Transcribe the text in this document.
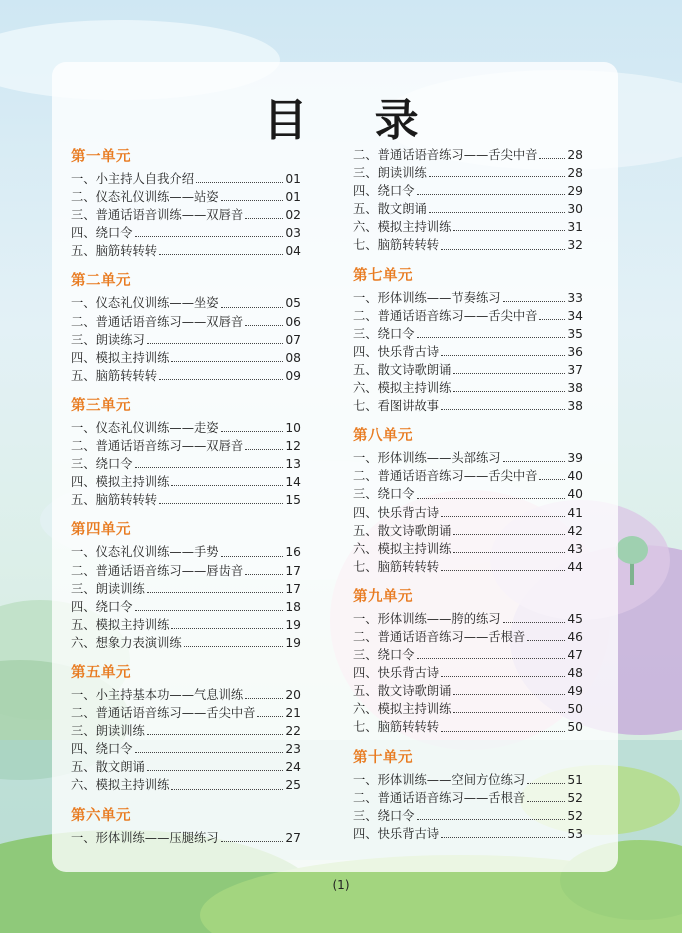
目 录
第一单元
一、 小主持人自我介绍	01
二、 仪态礼仪训练——站姿	01
三、 普通话语音训练——双唇音	02
四、 绕口令	03
五、 脑筋转转转	04
第二单元
一、 仪态礼仪训练——坐姿	05
二、 普通话语音练习——双唇音	06
三、 朗读练习	07
四、 模拟主持训练	08
五、 脑筋转转转	09
第三单元
一、 仪态礼仪训练——走姿	10
二、 普通话语音练习——双唇音	12
三、 绕口令	13
四、 模拟主持训练	14
五、 脑筋转转转	15
第四单元
一、 仪态礼仪训练——手势	16
二、 普通话语音练习——唇齿音	17
三、 朗读训练	17
四、 绕口令	18
五、 模拟主持训练	19
六、 想象力表演训练	19
第五单元
一、 小主持基本功——气息训练	20
二、 普通话语音练习——舌尖中音 21
三、 朗读训练	22
四、 绕口令	23
五、 散文朗诵	24
六、 模拟主持训练	25
第六单元
一、 形体训练——压腿练习	27
二、 普通话语音练习——舌尖中音 28
三、 朗读训练	28
四、 绕口令	29
五、 散文朗诵	30
六、 模拟主持训练	31
七、 脑筋转转转	32
第七单元
一、 形体训练——节奏练习	33
二、 普通话语音练习——舌尖中音 34
三、 绕口令	35
四、 快乐背古诗	36
五、 散文诗歌朗诵	37
六、 模拟主持训练	38
七、 看图讲故事	38
第八单元
一、 形体训练——头部练习	39
二、 普通话语音练习——舌尖中音 40
三、 绕口令	40
四、 快乐背古诗	41
五、 散文诗歌朗诵	42
六、 模拟主持训练	43
七、 脑筋转转转	44
第九单元
一、 形体训练——胯的练习	45
二、 普通话语音练习——舌根音	46
三、 绕口令	47
四、 快乐背古诗	48
五、 散文诗歌朗诵	49
六、 模拟主持训练	50
七、 脑筋转转转	50
第十单元
一、 形体训练——空间方位练习	51
二、 普通话语音练习——舌根音	52
三、 绕口令	52
四、 快乐背古诗	53
(1)
